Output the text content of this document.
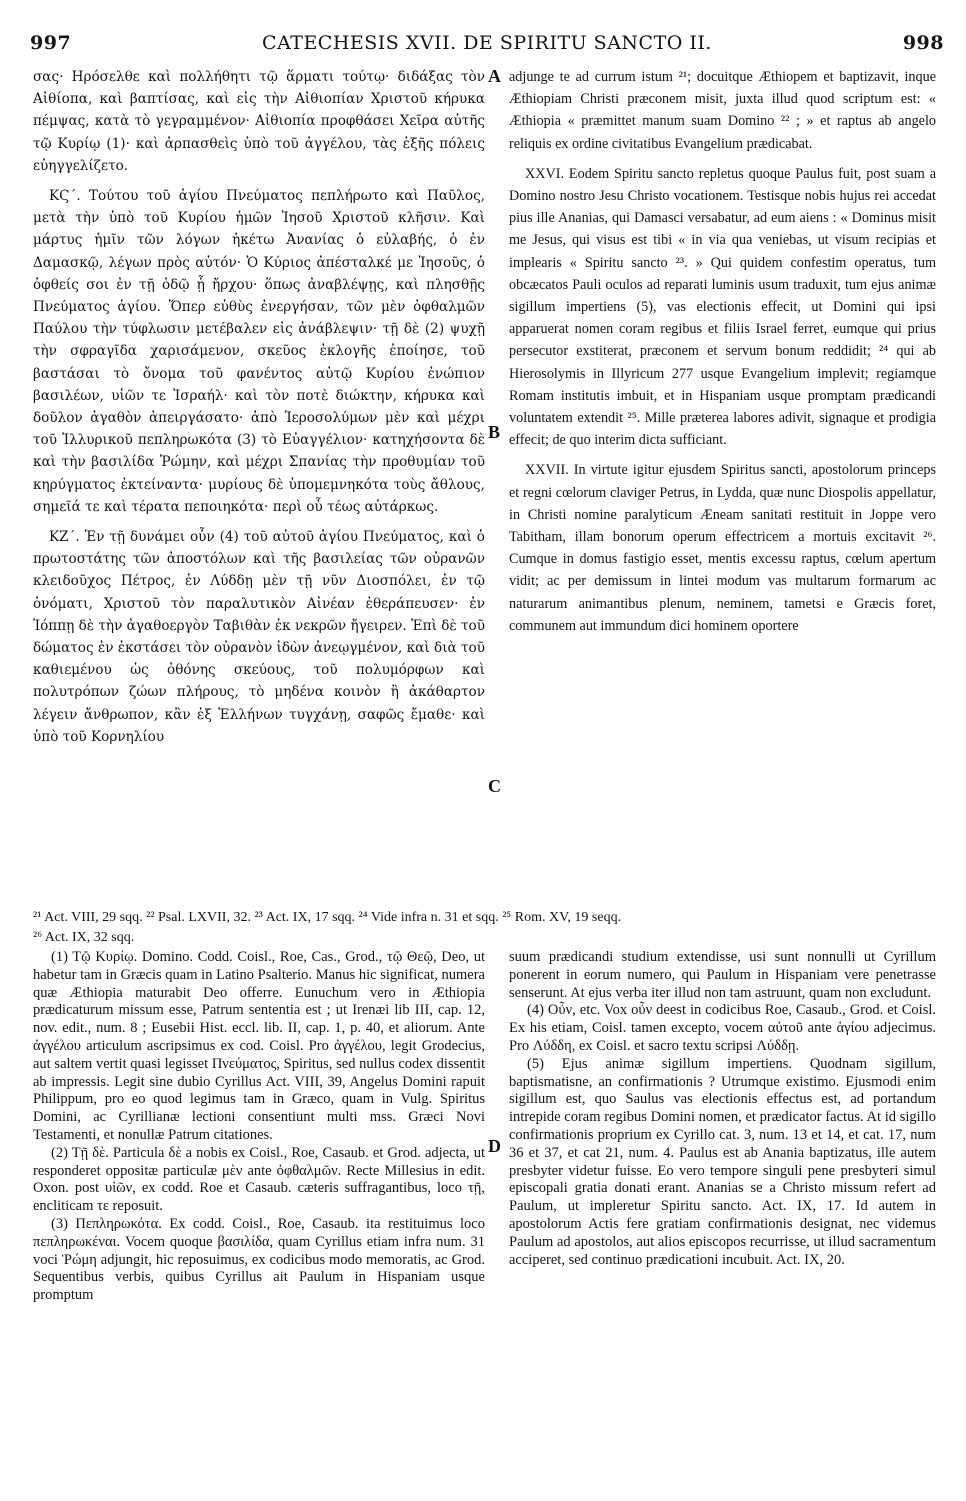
997	CATECHESIS XVII. DE SPIRITU SANCTO II.	998

σας· Ηρόσελθε καὶ πολλήθητι τῷ ἅρματι τούτῳ· διδάξας τὸν Αἰθίοπα, καὶ βαπτίσας, καὶ εἰς τὴν Αἰθιοπίαν Χριστοῦ κήρυκα πέμψας, κατὰ τὸ γεγραμμένον· Αἰθιοπία προφθάσει Χεῖρα αὐτῆς τῷ Κυρίῳ (1)· καὶ ἁρπασθεὶς ὑπὸ τοῦ ἀγγέλου, τὰς ἑξῆς πόλεις εὐηγγελίζετο.

ΚϚ΄. Τούτου τοῦ ἁγίου Πνεύματος πεπλήρωτο καὶ Παῦλος, μετὰ τὴν ὑπὸ τοῦ Κυρίου ἡμῶν Ἰησοῦ Χριστοῦ κλῆσιν. Καὶ μάρτυς ἡμῖν τῶν λόγων ἡκέτω Ἀνανίας ὁ εὐλαβής, ὁ ἐν Δαμασκῷ, λέγων πρὸς αὐτόν· Ὁ Κύριος ἀπέσταλκέ με Ἰησοῦς, ὁ ὀφθείς σοι ἐν τῇ ὁδῷ ᾗ ἤρχου· ὅπως ἀναβλέψῃς, καὶ πλησθῇς Πνεύματος ἁγίου. Ὅπερ εὐθὺς ἐνεργήσαν, τῶν μὲν ὀφθαλμῶν Παύλου τὴν τύφλωσιν μετέβαλεν εἰς ἀνάβλεψιν· τῇ δὲ (2) ψυχῇ τὴν σφραγῖδα χαρισάμενον, σκεῦος ἐκλογῆς ἐποίησε, τοῦ βαστάσαι τὸ ὄνομα τοῦ φανέντος αὐτῷ Κυρίου ἐνώπιον βασιλέων, υἱῶν τε Ἰσραήλ· καὶ τὸν ποτὲ διώκτην, κήρυκα καὶ δοῦλον ἀγαθὸν ἀπειργάσατο· ἀπὸ Ἱεροσολύμων μὲν καὶ μέχρι τοῦ Ἰλλυρικοῦ πεπληρωκότα (3) τὸ Εὐαγγέλιον· κατηχήσοντα δὲ καὶ τὴν βασιλίδα Ῥώμην, καὶ μέχρι Σπανίας τὴν προθυμίαν τοῦ κηρύγματος ἐκτείναντα· μυρίους δὲ ὑπομεμνηκότα τοὺς ἄθλους, σημεῖά τε καὶ τέρατα πεποιηκότα· περὶ οὗ τέως αὐτάρκως.

ΚΖ΄. Ἐν τῇ δυνάμει οὖν (4) τοῦ αὐτοῦ ἁγίου Πνεύματος, καὶ ὁ πρωτοστάτης τῶν ἀποστόλων καὶ τῆς βασιλείας τῶν οὐρανῶν κλειδοῦχος Πέτρος, ἐν Λύδδῃ μὲν τῇ νῦν Διοσπόλει, ἐν τῷ ὀνόματι, Χριστοῦ τὸν παραλυτικὸν Αἰνέαν ἐθεράπευσεν· ἐν Ἰόππῃ δὲ τὴν ἀγαθοεργὸν Ταβιθὰν ἐκ νεκρῶν ἤγειρεν. Ἐπὶ δὲ τοῦ δώματος ἐν ἐκστάσει τὸν οὐρανὸν ἰδὼν ἀνεῳγμένον, καὶ διὰ τοῦ καθιεμένου ὡς ὀθόνης σκεύους, τοῦ πολυμόρφων καὶ πολυτρόπων ζώων πλήρους, τὸ μηδένα κοινὸν ἢ ἀκάθαρτον λέγειν ἄνθρωπον, κἂν ἐξ Ἑλλήνων τυγχάνῃ, σαφῶς ἔμαθε· καὶ ὑπὸ τοῦ Κορνηλίου

A
B
C
D

adjunge te ad currum istum ²¹; docuitque Æthiopem et baptizavit, inque Æthiopiam Christi præconem misit, juxta illud quod scriptum est: « Æthiopia « præmittet manum suam Domino ²² ; » et raptus ab angelo reliquis ex ordine civitatibus Evangelium prædicabat.

XXVI. Eodem Spiritu sancto repletus quoque Paulus fuit, post suam a Domino nostro Jesu Christo vocationem. Testisque nobis hujus rei accedat pius ille Ananias, qui Damasci versabatur, ad eum aiens : « Dominus misit me Jesus, qui visus est tibi « in via qua veniebas, ut visum recipias et implearis « Spiritu sancto ²³. » Qui quidem confestim operatus, tum obcæcatos Pauli oculos ad reparati luminis usum traduxit, tum ejus animæ sigillum impertiens (5), vas electionis effecit, ut Domini qui ipsi apparuerat nomen coram regibus et filiis Israel ferret, eumque qui prius persecutor exstiterat, præconem et servum bonum reddidit; ²⁴ qui ab Hierosolymis in Illyricum 277 usque Evangelium implevit; regiamque Romam institutis imbuit, et in Hispaniam usque promptam prædicandi voluntatem extendit ²⁵. Mille præterea labores adivit, signaque et prodigia effecit; de quo interim dicta sufficiant.

XXVII. In virtute igitur ejusdem Spiritus sancti, apostolorum princeps et regni cœlorum claviger Petrus, in Lydda, quæ nunc Diospolis appellatur, in Christi nomine paralyticum Æneam sanitati restituit in Joppe vero Tabitham, illam bonorum operum effectricem a mortuis excitavit ²⁶. Cumque in domus fastigio esset, mentis excessu raptus, cœlum apertum vidit; ac per demissum in lintei modum vas multarum formarum ac naturarum animantibus plenum, neminem, tametsi e Græcis foret, communem aut immundum dici hominem oportere

²¹ Act. VIII, 29 sqq. ²² Psal. LXVII, 32. ²³ Act. IX, 17 sqq. ²⁴ Vide infra n. 31 et sqq. ²⁵ Rom. XV, 19 seqq.
²⁶ Act. IX, 32 sqq.

(1) Τῷ Κυρίῳ. Domino. Codd. Coisl., Roe, Cas., Grod., τῷ Θεῷ, Deo, ut habetur tam in Græcis quam in Latino Psalterio. Manus hic significat, numera quæ Æthiopia maturabit Deo offerre. Eunuchum vero in Æthiopia prædicaturum missum esse, Patrum sententia est ; ut Irenæi lib III, cap. 12, nov. edit., num. 8 ; Eusebii Hist. eccl. lib. II, cap. 1, p. 40, et aliorum. Ante ἀγγέλου articulum ascripsimus ex cod. Coisl. Pro ἀγγέλου, legit Grodecius, aut saltem vertit quasi legisset Πνεύματος, Spiritus, sed nullus codex dissentit ab impressis. Legit sine dubio Cyrillus Act. VIII, 39, Angelus Domini rapuit Philippum, pro eo quod legimus tam in Græco, quam in Vulg. Spiritus Domini, ac Cyrillianæ lectioni consentiunt multi mss. Græci Novi Testamenti, et nonullæ Patrum citationes.

(2) Τῇ δὲ. Particula δὲ a nobis ex Coisl., Roe, Casaub. et Grod. adjecta, ut responderet oppositæ particulæ μὲν ante ὀφθαλμῶν. Recte Millesius in edit. Oxon. post υἱῶν, ex codd. Roe et Casaub. cæteris suffragantibus, loco τῇ, encliticam τε reposuit.

(3) Πεπληρωκότα. Ex codd. Coisl., Roe, Casaub. ita restituimus loco πεπληρωκέναι. Vocem quoque βασιλίδα, quam Cyrillus etiam infra num. 31 voci Ῥώμη adjungit, hic reposuimus, ex codicibus modo memoratis, ac Grod. Sequentibus verbis, quibus Cyrillus ait Paulum in Hispaniam usque promptum

suum prædicandi studium extendisse, usi sunt nonnulli ut Cyrillum ponerent in eorum numero, qui Paulum in Hispaniam vere penetrasse senserunt. At ejus verba iter illud non tam astruunt, quam non excludunt.

(4) Οὖν, etc. Vox οὖν deest in codicibus Roe, Casaub., Grod. et Coisl. Ex his etiam, Coisl. tamen excepto, vocem αὐτοῦ ante ἁγίου adjecimus. Pro Λύδδη, ex Coisl. et sacro textu scripsi Λύδδῃ.

(5) Ejus animæ sigillum impertiens. Quodnam sigillum, baptismatisne, an confirmationis ? Utrumque existimo. Ejusmodi enim sigillum est, quo Saulus vas electionis effectus est, ad portandum intrepide coram regibus Domini nomen, et prædicator factus. At id sigillo confirmationis proprium ex Cyrillo cat. 3, num. 13 et 14, et cat. 17, num 36 et 37, et cat 21, num. 4. Paulus est ab Anania baptizatus, ille autem presbyter videtur fuisse. Eo vero tempore singuli pene presbyteri simul episcopali gratia donati erant. Ananias se a Christo missum refert ad Paulum, ut impleretur Spiritu sancto. Act. IX, 17. Id autem in apostolorum Actis fere gratiam confirmationis designat, nec videmus Paulum ad apostolos, aut alios episcopos recurrisse, ut illud sacramentum acciperet, sed continuo prædicationi incubuit. Act. IX, 20.
